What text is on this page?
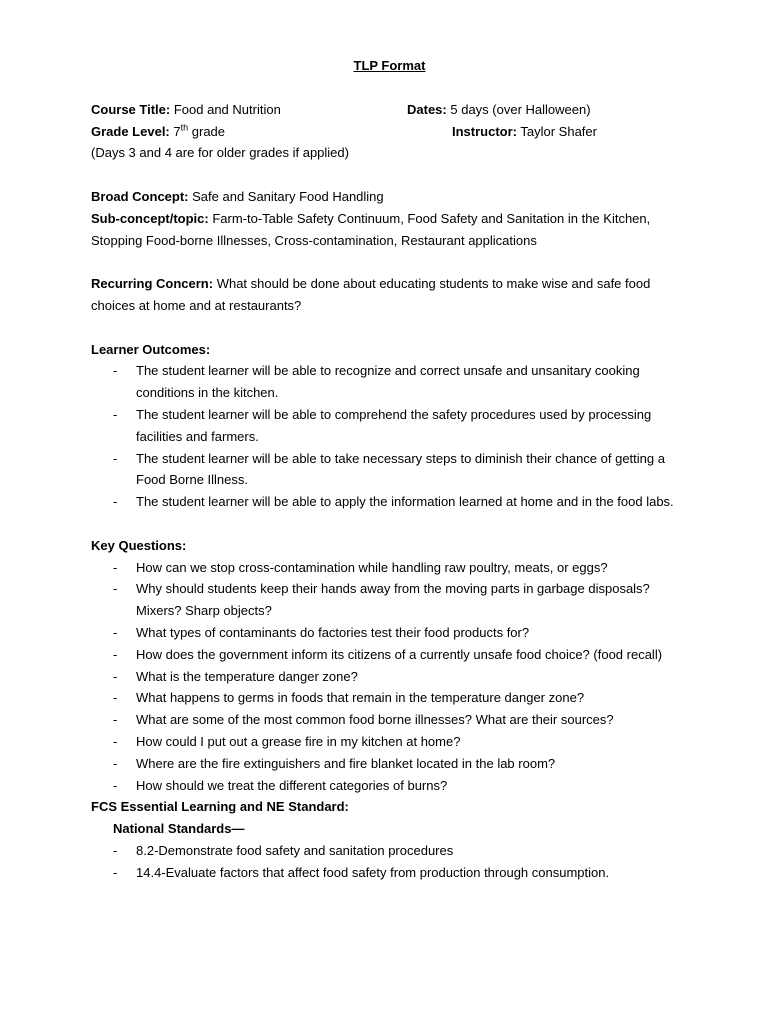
TLP Format
Course Title: Food and Nutrition	Dates: 5 days (over Halloween)
Grade Level: 7th grade	Instructor: Taylor Shafer
(Days 3 and 4 are for older grades if applied)
Broad Concept: Safe and Sanitary Food Handling
Sub-concept/topic: Farm-to-Table Safety Continuum, Food Safety and Sanitation in the Kitchen, Stopping Food-borne Illnesses, Cross-contamination, Restaurant applications
Recurring Concern: What should be done about educating students to make wise and safe food choices at home and at restaurants?
Learner Outcomes:
- The student learner will be able to recognize and correct unsafe and unsanitary cooking conditions in the kitchen.
- The student learner will be able to comprehend the safety procedures used by processing facilities and farmers.
- The student learner will be able to take necessary steps to diminish their chance of getting a Food Borne Illness.
- The student learner will be able to apply the information learned at home and in the food labs.
Key Questions:
- How can we stop cross-contamination while handling raw poultry, meats, or eggs?
- Why should students keep their hands away from the moving parts in garbage disposals? Mixers? Sharp objects?
- What types of contaminants do factories test their food products for?
- How does the government inform its citizens of a currently unsafe food choice? (food recall)
- What is the temperature danger zone?
- What happens to germs in foods that remain in the temperature danger zone?
- What are some of the most common food borne illnesses? What are their sources?
- How could I put out a grease fire in my kitchen at home?
- Where are the fire extinguishers and fire blanket located in the lab room?
- How should we treat the different categories of burns?
FCS Essential Learning and NE Standard:
National Standards—
- 8.2-Demonstrate food safety and sanitation procedures
- 14.4-Evaluate factors that affect food safety from production through consumption.
